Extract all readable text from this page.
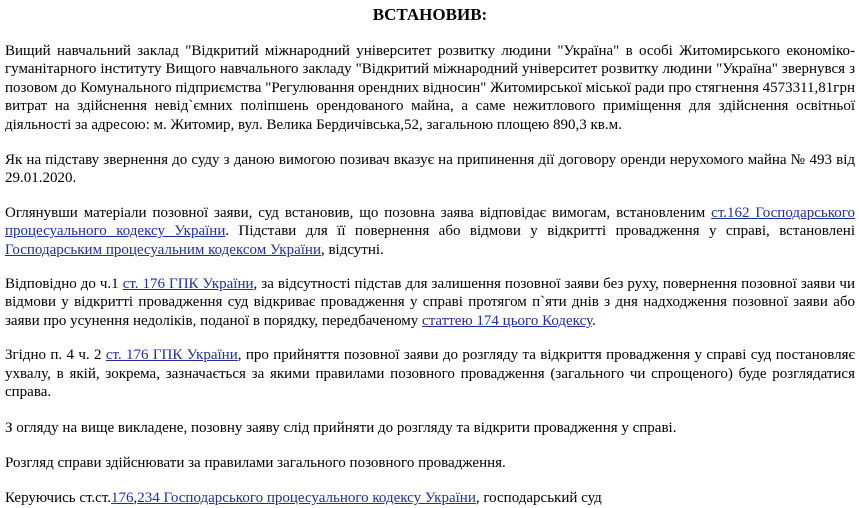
ВСТАНОВИВ:

Вищий навчальний заклад "Відкритий міжнародний університет розвитку людини "Україна" в особі Житомирського економіко-гуманітарного інституту Вищого навчального закладу "Відкритий міжнародний університет розвитку людини "Україна" звернувся з позовом до Комунального підприємства "Регулювання орендних відносин" Житомирської міської ради про стягнення 4573311,81грн витрат на здійснення невід`ємних поліпшень орендованого майна, а саме нежитлового приміщення для здійснення освітньої діяльності за адресою: м. Житомир, вул. Велика Бердичівська,52, загальною площею 890,3 кв.м.

Як на підставу звернення до суду з даною вимогою позивач вказує на припинення дії договору оренди нерухомого майна № 493 від 29.01.2020.

Оглянувши матеріали позовної заяви, суд встановив, що позовна заява відповідає вимогам, встановленим ст.162 Господарського процесуального кодексу України. Підстави для її повернення або відмови у відкритті провадження у справі, встановлені Господарським процесуальним кодексом України, відсутні.

Відповідно до ч.1 ст. 176 ГПК України, за відсутності підстав для залишення позовної заяви без руху, повернення позовної заяви чи відмови у відкритті провадження суд відкриває провадження у справі протягом п`яти днів з дня надходження позовної заяви або заяви про усунення недоліків, поданої в порядку, передбаченому статтею 174 цього Кодексу.

Згідно п. 4 ч. 2 ст. 176 ГПК України, про прийняття позовної заяви до розгляду та відкриття провадження у справі суд постановляє ухвалу, в якій, зокрема, зазначається за якими правилами позовного провадження (загального чи спрощеного) буде розглядатися справа.

З огляду на вище викладене, позовну заяву слід прийняти до розгляду та відкрити провадження у справі.

Розгляд справи здійснювати за правилами загального позовного провадження.

Керуючись ст.ст.176,234 Господарського процесуального кодексу України, господарський суд
